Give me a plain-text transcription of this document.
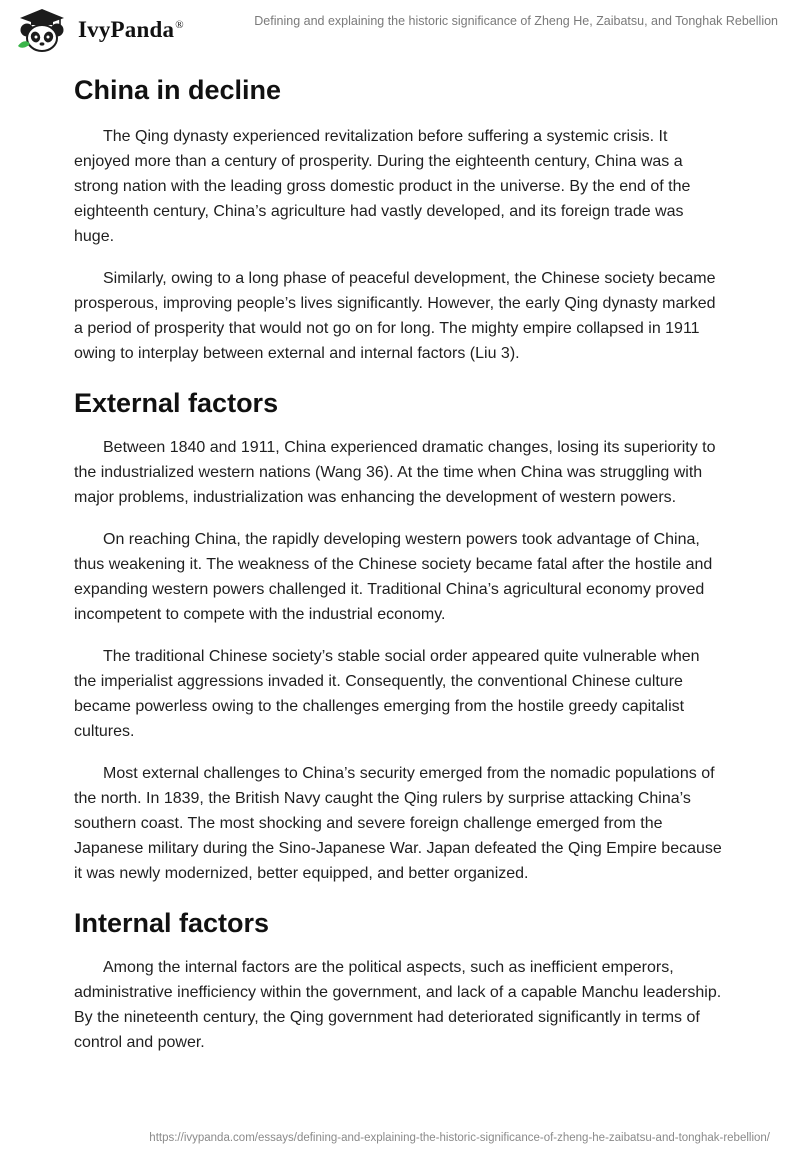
IvyPanda®	Defining and explaining the historic significance of Zheng He, Zaibatsu, and Tonghak Rebellion
China in decline

The Qing dynasty experienced revitalization before suffering a systemic crisis. It enjoyed more than a century of prosperity. During the eighteenth century, China was a strong nation with the leading gross domestic product in the universe. By the end of the eighteenth century, China’s agriculture had vastly developed, and its foreign trade was huge.

Similarly, owing to a long phase of peaceful development, the Chinese society became prosperous, improving people’s lives significantly. However, the early Qing dynasty marked a period of prosperity that would not go on for long. The mighty empire collapsed in 1911 owing to interplay between external and internal factors (Liu 3).

External factors

Between 1840 and 1911, China experienced dramatic changes, losing its superiority to the industrialized western nations (Wang 36). At the time when China was struggling with major problems, industrialization was enhancing the development of western powers.

On reaching China, the rapidly developing western powers took advantage of China, thus weakening it. The weakness of the Chinese society became fatal after the hostile and expanding western powers challenged it. Traditional China’s agricultural economy proved incompetent to compete with the industrial economy.

The traditional Chinese society’s stable social order appeared quite vulnerable when the imperialist aggressions invaded it. Consequently, the conventional Chinese culture became powerless owing to the challenges emerging from the hostile greedy capitalist cultures.

Most external challenges to China’s security emerged from the nomadic populations of the north. In 1839, the British Navy caught the Qing rulers by surprise attacking China’s southern coast. The most shocking and severe foreign challenge emerged from the Japanese military during the Sino-Japanese War. Japan defeated the Qing Empire because it was newly modernized, better equipped, and better organized.

Internal factors

Among the internal factors are the political aspects, such as inefficient emperors, administrative inefficiency within the government, and lack of a capable Manchu leadership. By the nineteenth century, the Qing government had deteriorated significantly in terms of control and power.

https://ivypanda.com/essays/defining-and-explaining-the-historic-significance-of-zheng-he-zaibatsu-and-tonghak-rebellion/
